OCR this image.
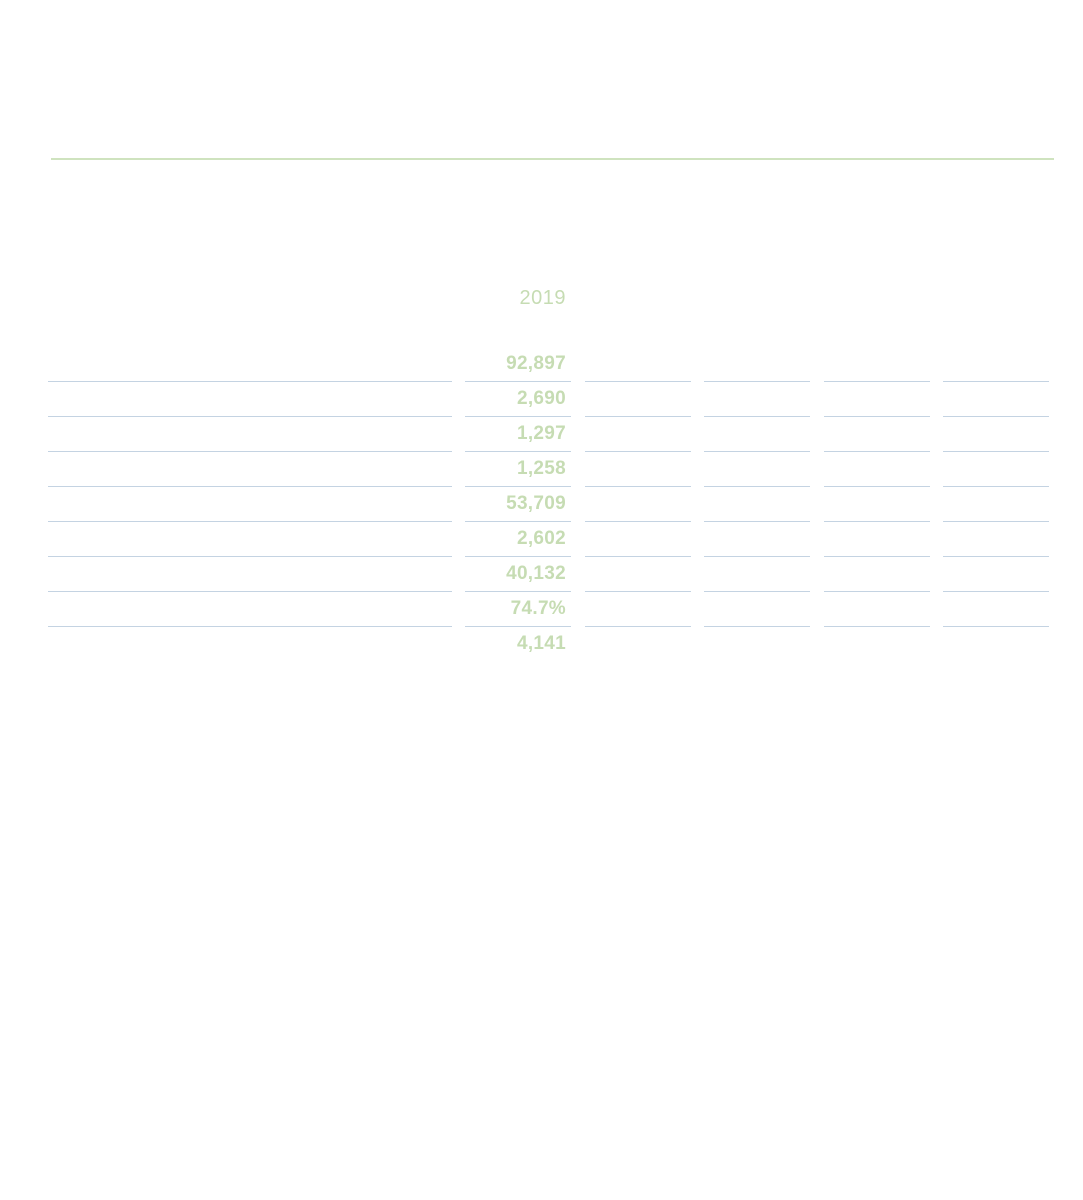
2019
92,897
2,690
1,297
1,258
53,709
2,602
40,132
74.7%
4,141
